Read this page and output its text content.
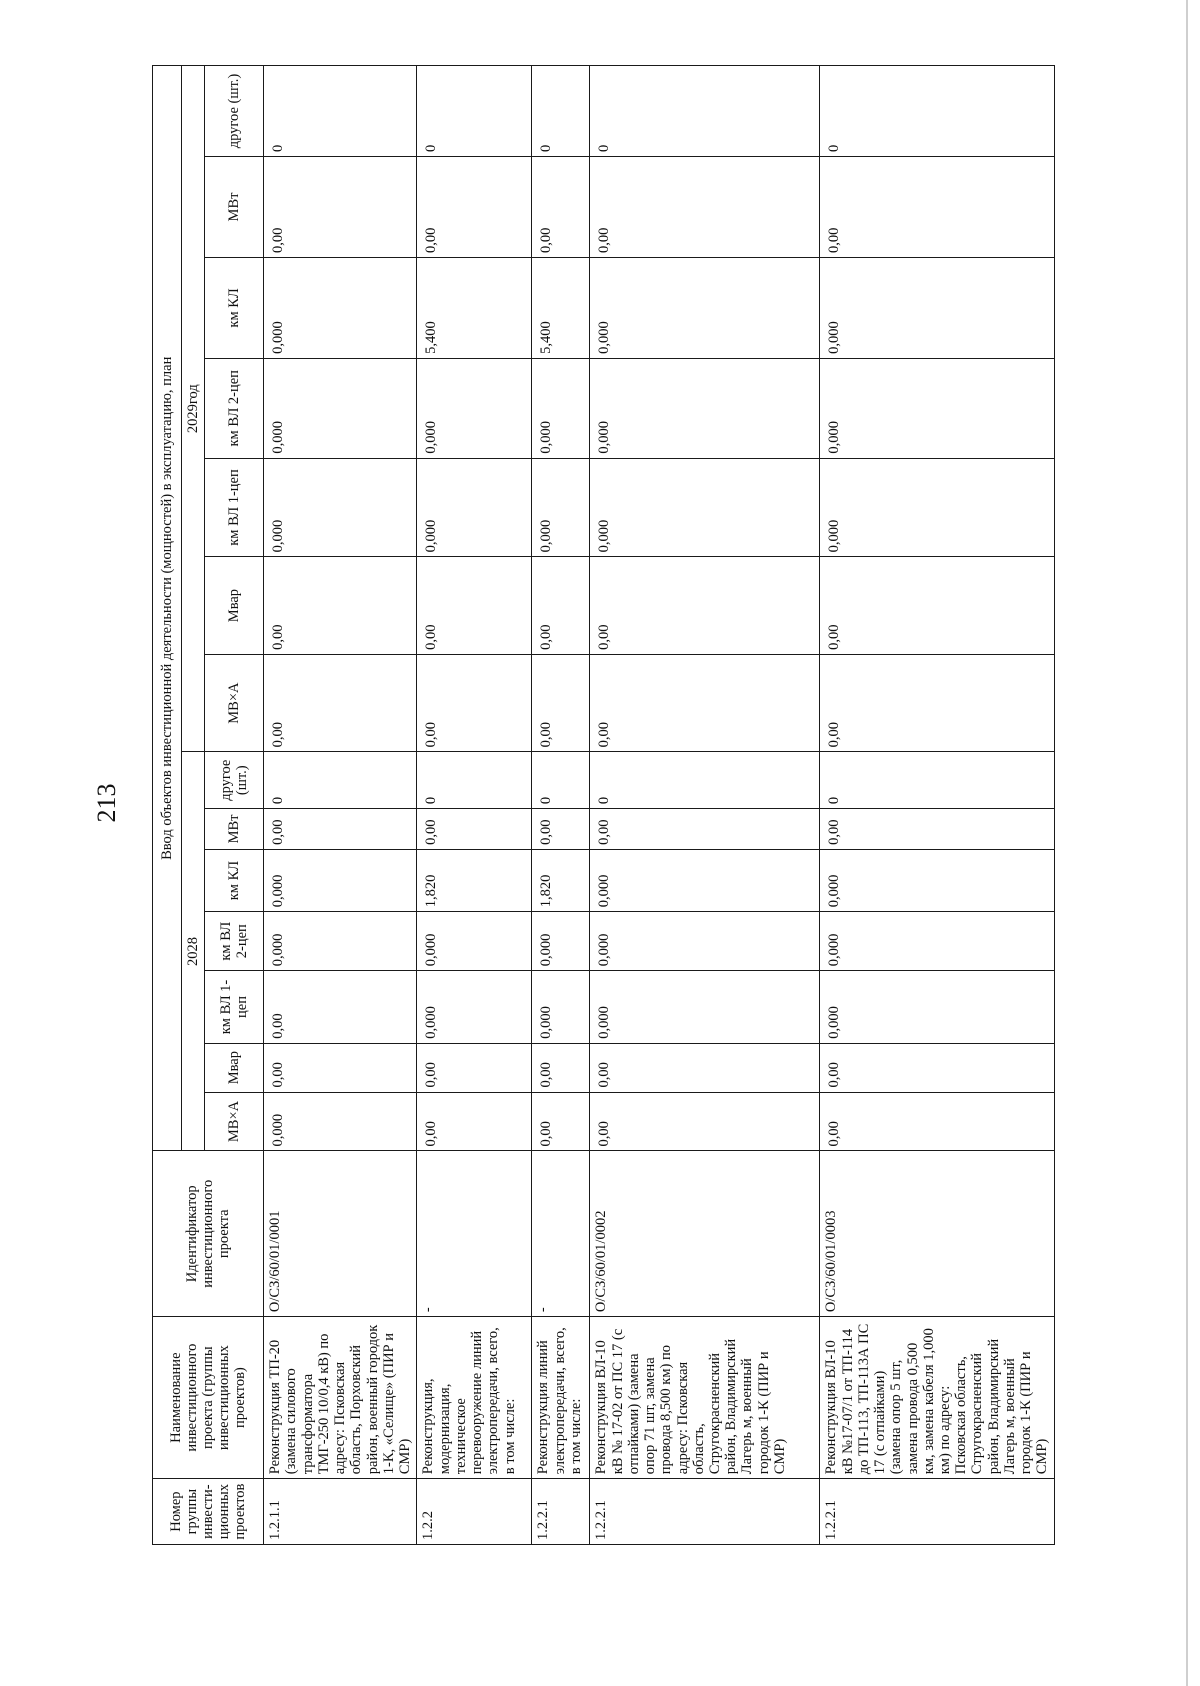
213
Номер группы инвести-ционных проектов	Наименование инвестиционного проекта (группы инвестиционных проектов)	Идентификатор инвестиционного проекта	Ввод объектов инвестиционной деятельности (мощностей) в эксплуатацию, план													
			2028							2029год						
			МВ×А	Мвар	км ВЛ 1-цеп	км ВЛ 2-цеп	км КЛ	МВт	другое (шт.)	МВ×А	Мвар	км ВЛ 1-цеп	км ВЛ 2-цеп	км КЛ	МВт	другое (шт.)
1.2.1.1	Реконструкция ТП-20 (замена силового трансформатора ТМГ-250 10/0,4 кВ) по адресу: Псковская область, Порховский район, военный городок 1-К, «Селище» (ПИР и СМР)	О/СЗ/60/01/0001	0,000	0,00	0,00	0,000	0,000	0,00	0	0,00	0,00	0,000	0,000	0,000	0,00	0
1.2.2	Реконструкция, модернизация, техническое перевооружение линий электропередачи, всего, в том числе:	-	0,00	0,00	0,000	0,000	1,820	0,00	0	0,00	0,00	0,000	0,000	5,400	0,00	0
1.2.2.1	Реконструкция линий электропередачи, всего, в том числе:	-	0,00	0,00	0,000	0,000	1,820	0,00	0	0,00	0,00	0,000	0,000	5,400	0,00	0
1.2.2.1	Реконструкция ВЛ-10 кВ № 17-02 от ПС 17 (с отпайками) (замена опор 71 шт, замена провода 8,500 км) по адресу: Псковская область, Стругокрасненский район, Владимирский Лагерь м, военный городок 1-К (ПИР и СМР)	О/СЗ/60/01/0002	0,00	0,00	0,000	0,000	0,000	0,00	0	0,00	0,00	0,000	0,000	0,000	0,00	0
1.2.2.1	Реконструкция ВЛ-10 кВ №17-07/1 от ТП-114 до ТП-113, ТП-113А ПС 17 (с отпайками) (замена опор 5 шт, замена провода 0,500 км, замена кабеля 1,000 км) по адресу: Псковская область, Стругокрасненский район, Владимирский Лагерь м, военный городок 1-К (ПИР и СМР)	О/СЗ/60/01/0003	0,00	0,00	0,000	0,000	0,000	0,00	0	0,00	0,00	0,000	0,000	0,000	0,00	0
